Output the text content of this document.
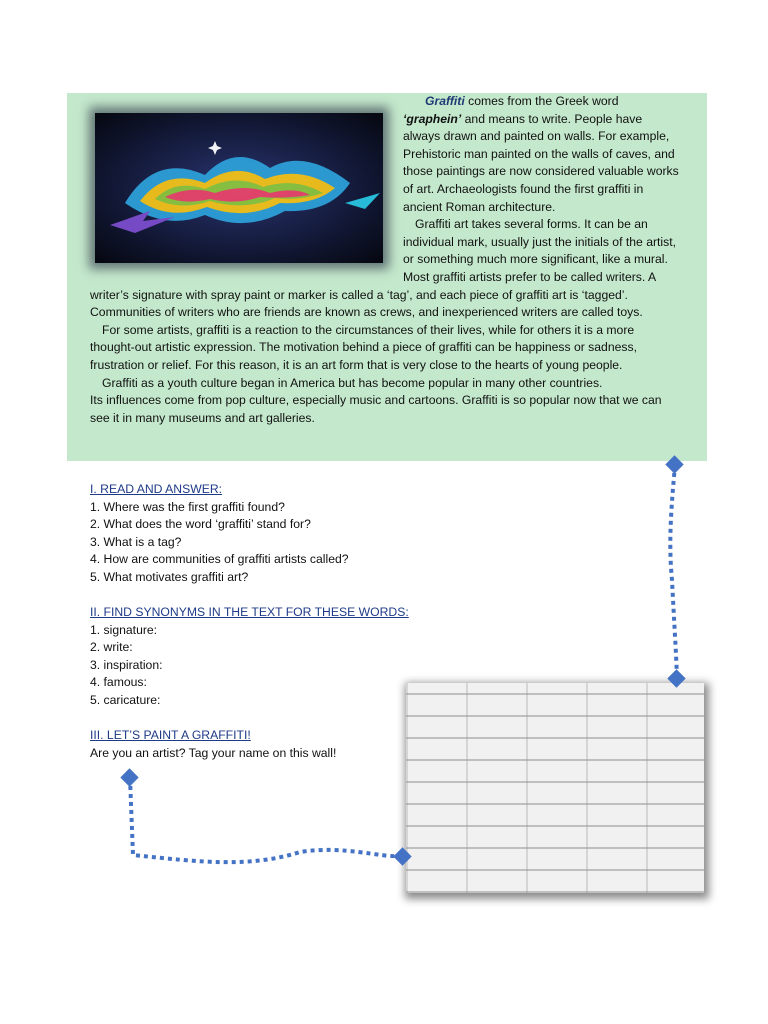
Graffiti comes from the Greek word ‘graphein’ and means to write. People have always drawn and painted on walls. For example, Prehistoric man painted on the walls of caves, and those paintings are now considered valuable works of art. Archaeologists found the first graffiti in ancient Roman architecture.

Graffiti art takes several forms. It can be an individual mark, usually just the initials of the artist, or something much more significant, like a mural. Most graffiti artists prefer to be called writers. A writer’s signature with spray paint or marker is called a ‘tag’, and each piece of graffiti art is ‘tagged’. Communities of writers who are friends are known as crews, and inexperienced writers are called toys.

For some artists, graffiti is a reaction to the circumstances of their lives, while for others it is a more thought-out artistic expression. The motivation behind a piece of graffiti can be happiness or sadness, frustration or relief. For this reason, it is an art form that is very close to the hearts of young people.

Graffiti as a youth culture began in America but has become popular in many other countries.

Its influences come from pop culture, especially music and cartoons. Graffiti is so popular now that we can see it in many museums and art galleries.

I. READ AND ANSWER:

1. Where was the first graffiti found?
2. What does the word ‘graffiti’ stand for?
3. What is a tag?
4. How are communities of graffiti artists called?
5. What motivates graffiti art?

II. FIND SYNONYMS IN THE TEXT FOR THESE WORDS:

1. signature:
2. write:
3. inspiration:
4. famous:
5. caricature:

III. LET’S PAINT A GRAFFITI!

Are you an artist? Tag your name on this wall!
